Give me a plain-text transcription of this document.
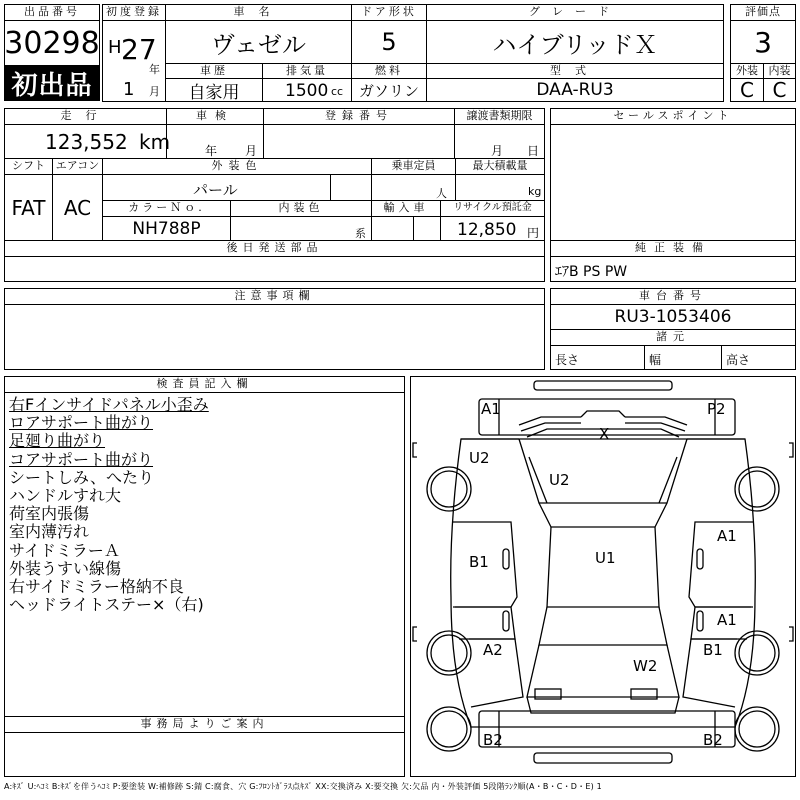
出品番号
30298
初出品
初度登録
H 27
年
1 月
車名
ヴェゼル
ドア形状
5
グレード
ハイブリッドＸ
評価点
3
車歴
自家用
排気量
1500 cc
燃料
ガソリン
型式
DAA-RU3
外装 内装
C C
走行
123,552 km
車検
年 月
登録番号	譲渡書類期限
月 日
セールスポイント
シフト
FAT
エアコン
AC
外装色
パール
乗車定員
人
最大積載量
kg
カラーＮｏ.
NH788P
内装色
系
輸入車	リサイクル預託金
12,850 円
後日発送部品	純正装備
ｴｱB PS PW
注意事項欄	車台番号
RU3-1053406
諸元
長さ	幅	高さ
検査員記入欄
右Fインサイドパネル小歪み
ロアサポート曲がり
足廻り曲がり
コアサポート曲がり
シートしみ、へたり
ハンドルすれ大
荷室内張傷
室内薄汚れ
サイドミラーＡ
外装うすい線傷
右サイドミラー格納不良
ヘッドライトステー×（右)
事務局よりご案内
A1	P2
X
U2
U2
A1
B1	U1
A1
A2	B1
W2
B2	B2
A:ｷｽﾞ U:ﾍｺﾐ B:ｷｽﾞを伴うﾍｺﾐ P:要塗装 W:補修跡 S:錆 C:腐食、穴 G:ﾌﾛﾝﾄｶﾞﾗｽ点ｷｽﾞ XX:交換済み X:要交換 欠:欠品 内・外装評価 5段階ﾗﾝｸ順(A・B・C・D・E) 1
